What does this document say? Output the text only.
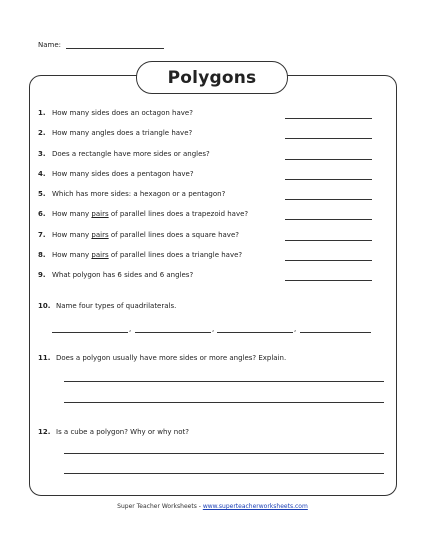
Name:
Polygons
1. How many sides does an octagon have?
2. How many angles does a triangle have?
3. Does a rectangle have more sides or angles?
4. How many sides does a pentagon have?
5. Which has more sides: a hexagon or a pentagon?
6. How many pairs of parallel lines does a trapezoid have?
7. How many pairs of parallel lines does a square have?
8. How many pairs of parallel lines does a triangle have?
9. What polygon has 6 sides and 6 angles?
10. Name four types of quadrilaterals.
,	,	,
11. Does a polygon usually have more sides or more angles? Explain.
12. Is a cube a polygon? Why or why not?
Super Teacher Worksheets - www.superteacherworksheets.com
